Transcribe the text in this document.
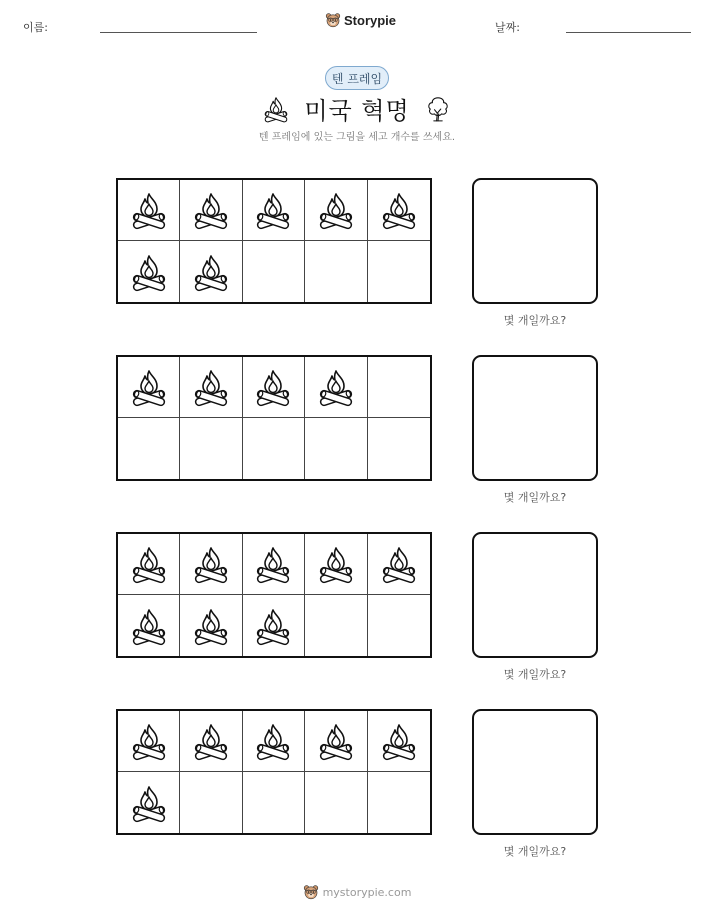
이름:	Storypie	날짜:
텐 프레임
미국 혁명
텐 프레임에 있는 그림을 세고 개수를 쓰세요.
몇 개일까요?
몇 개일까요?
몇 개일까요?
몇 개일까요?
mystorypie.com
